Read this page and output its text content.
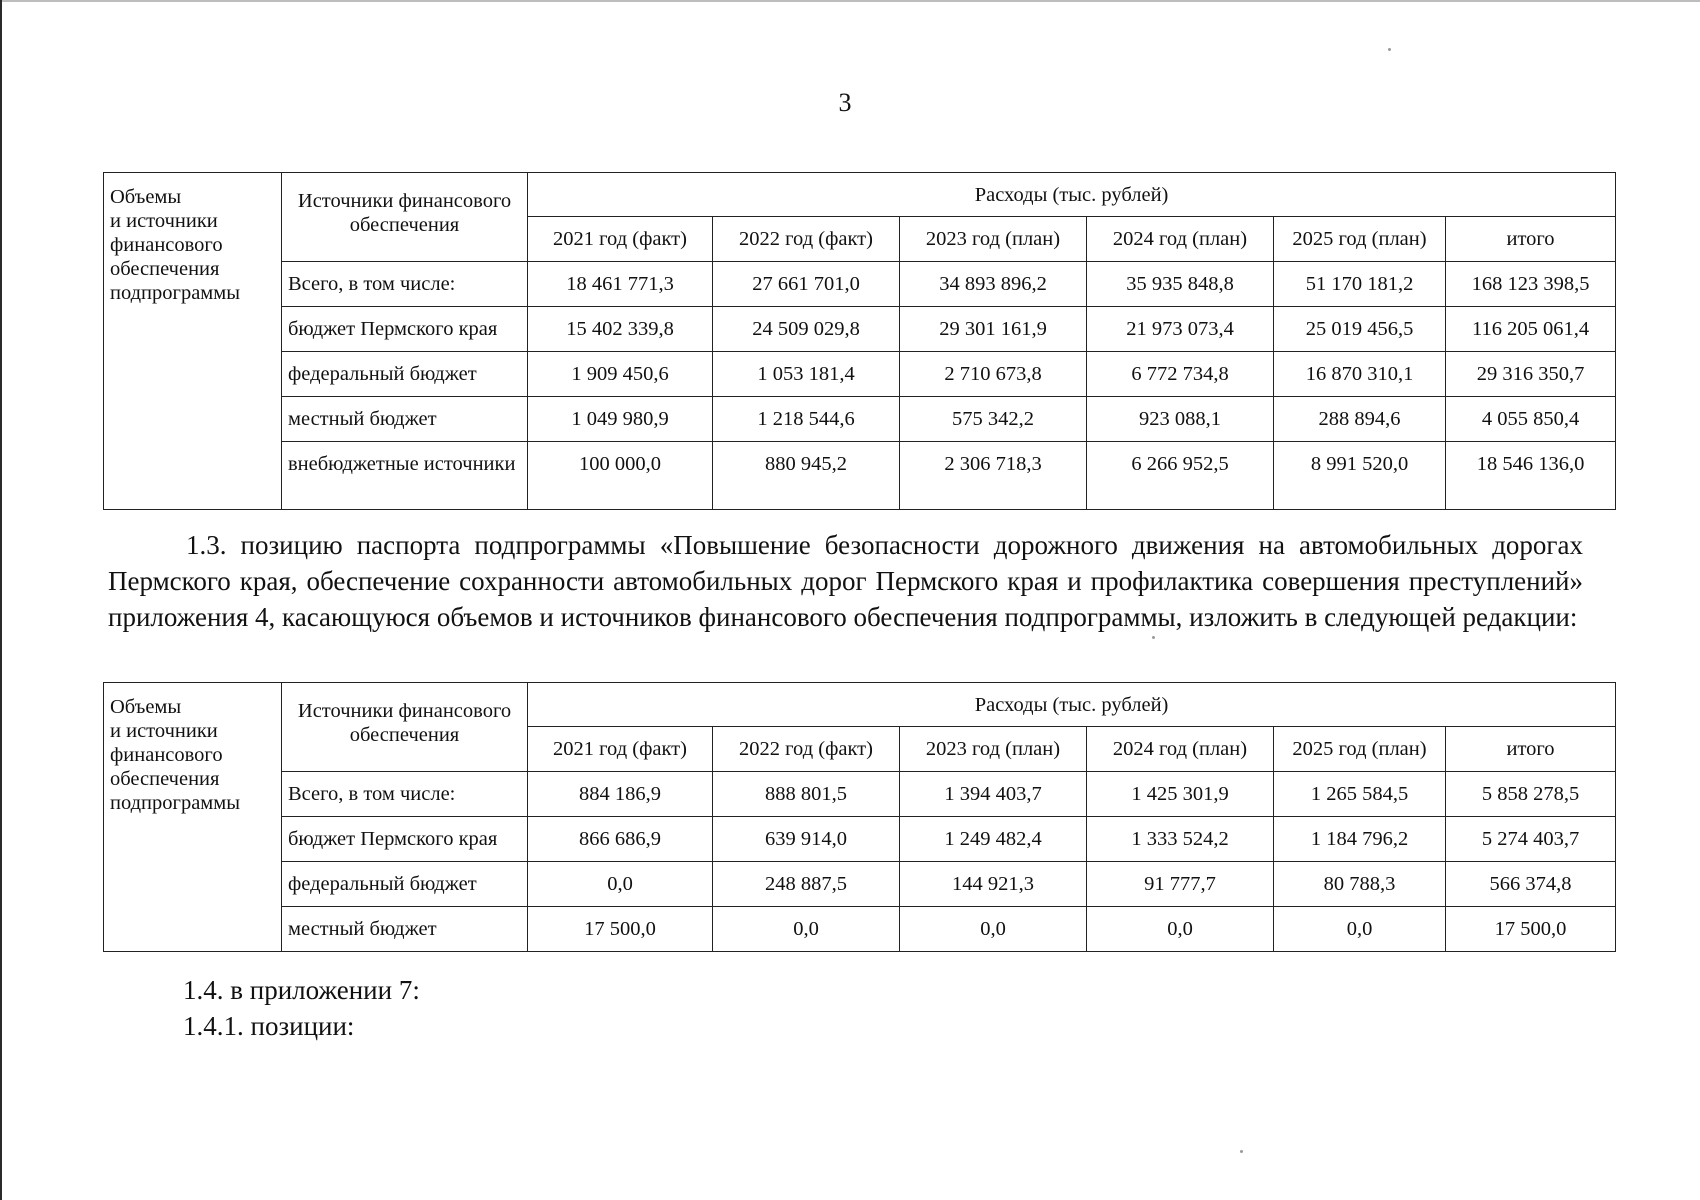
3
Объемы
и источники
финансового
обеспечения
подпрограммы	Источники финансового обеспечения	Расходы (тыс. рублей)					
		2021 год (факт)	2022 год (факт)	2023 год (план)	2024 год (план)	2025 год (план)	итого
	Всего, в том числе:	18 461 771,3	27 661 701,0	34 893 896,2	35 935 848,8	51 170 181,2	168 123 398,5
	бюджет Пермского края	15 402 339,8	24 509 029,8	29 301 161,9	21 973 073,4	25 019 456,5	116 205 061,4
	федеральный бюджет	1 909 450,6	1 053 181,4	2 710 673,8	6 772 734,8	16 870 310,1	29 316 350,7
	местный бюджет	1 049 980,9	1 218 544,6	575 342,2	923 088,1	288 894,6	4 055 850,4
	внебюджетные источники	100 000,0	880 945,2	2 306 718,3	6 266 952,5	8 991 520,0	18 546 136,0
1.3. позицию паспорта подпрограммы «Повышение безопасности дорожного движения на автомобильных дорогах Пермского края, обеспечение сохранности автомобильных дорог Пермского края и профилактика совершения преступлений» приложения 4, касающуюся объемов и источников финансового обеспечения подпрограммы, изложить в следующей редакции:
Объемы
и источники
финансового
обеспечения
подпрограммы	Источники финансового обеспечения	Расходы (тыс. рублей)					
		2021 год (факт)	2022 год (факт)	2023 год (план)	2024 год (план)	2025 год (план)	итого
	Всего, в том числе:	884 186,9	888 801,5	1 394 403,7	1 425 301,9	1 265 584,5	5 858 278,5
	бюджет Пермского края	866 686,9	639 914,0	1 249 482,4	1 333 524,2	1 184 796,2	5 274 403,7
	федеральный бюджет	0,0	248 887,5	144 921,3	91 777,7	80 788,3	566 374,8
	местный бюджет	17 500,0	0,0	0,0	0,0	0,0	17 500,0
1.4. в приложении 7:
1.4.1. позиции:
